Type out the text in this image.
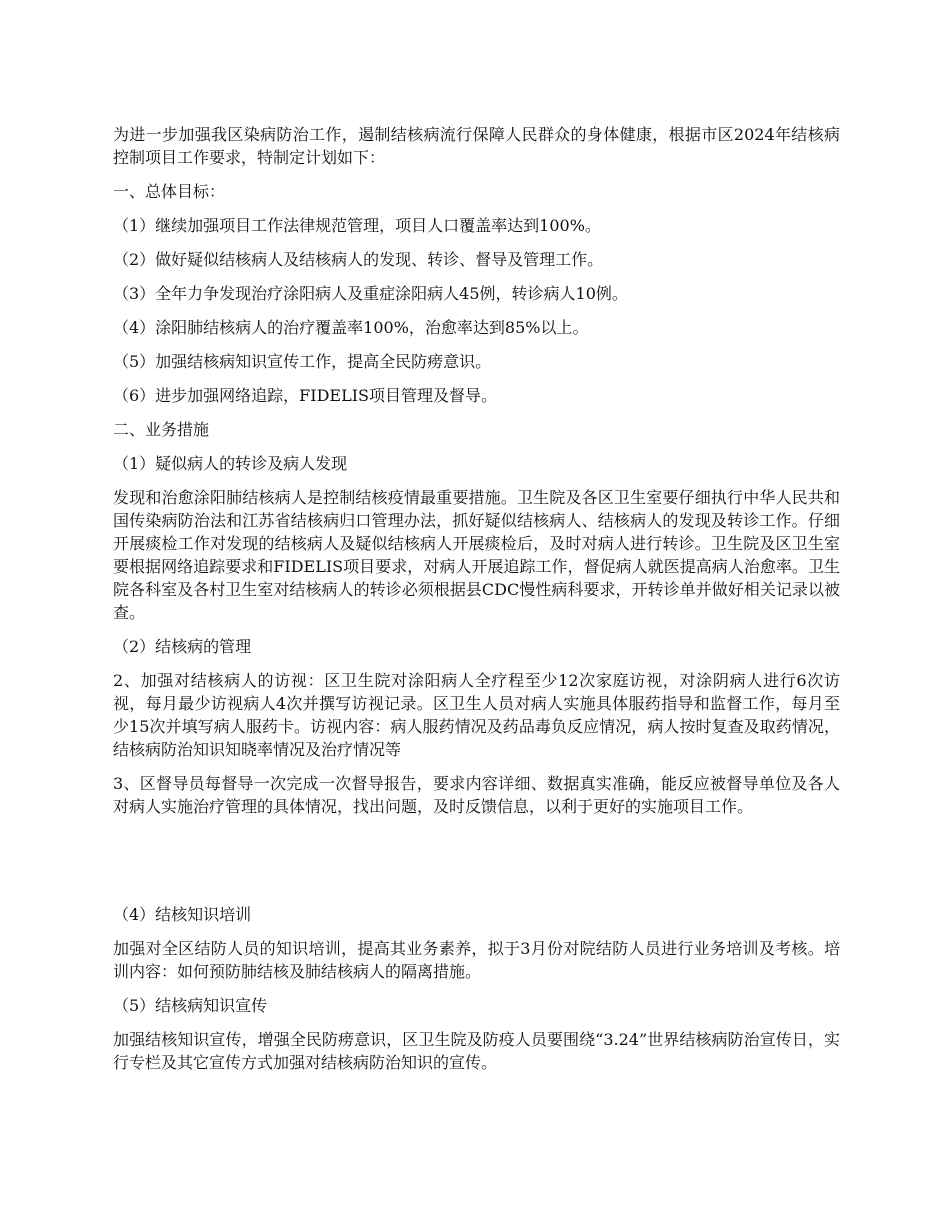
为进一步加强我区染病防治工作，遏制结核病流行保障人民群众的身体健康，根据市区2024年结核病控制项目工作要求，特制定计划如下：

一、总体目标：

（1）继续加强项目工作法律规范管理，项目人口覆盖率达到100%。

（2）做好疑似结核病人及结核病人的发现、转诊、督导及管理工作。

（3）全年力争发现治疗涂阳病人及重症涂阳病人45例，转诊病人10例。

（4）涂阳肺结核病人的治疗覆盖率100%，治愈率达到85%以上。

（5）加强结核病知识宣传工作，提高全民防痨意识。

（6）进步加强网络追踪，FIDELIS项目管理及督导。

二、业务措施

（1）疑似病人的转诊及病人发现

发现和治愈涂阳肺结核病人是控制结核疫情最重要措施。卫生院及各区卫生室要仔细执行中华人民共和国传染病防治法和江苏省结核病归口管理办法，抓好疑似结核病人、结核病人的发现及转诊工作。仔细开展痰检工作对发现的结核病人及疑似结核病人开展痰检后，及时对病人进行转诊。卫生院及区卫生室要根据网络追踪要求和FIDELIS项目要求，对病人开展追踪工作，督促病人就医提高病人治愈率。卫生院各科室及各村卫生室对结核病人的转诊必须根据县CDC慢性病科要求，开转诊单并做好相关记录以被查。

（2）结核病的管理

2、加强对结核病人的访视：区卫生院对涂阳病人全疗程至少12次家庭访视，对涂阴病人进行6次访视，每月最少访视病人4次并撰写访视记录。区卫生人员对病人实施具体服药指导和监督工作，每月至少15次并填写病人服药卡。访视内容：病人服药情况及药品毒负反应情况，病人按时复查及取药情况，结核病防治知识知晓率情况及治疗情况等

3、区督导员每督导一次完成一次督导报告，要求内容详细、数据真实准确，能反应被督导单位及各人对病人实施治疗管理的具体情况，找出问题，及时反馈信息，以利于更好的实施项目工作。

（4）结核知识培训

加强对全区结防人员的知识培训，提高其业务素养，拟于3月份对院结防人员进行业务培训及考核。培训内容：如何预防肺结核及肺结核病人的隔离措施。

（5）结核病知识宣传

加强结核知识宣传，增强全民防痨意识，区卫生院及防疫人员要围绕“3.24”世界结核病防治宣传日，实行专栏及其它宣传方式加强对结核病防治知识的宣传。
